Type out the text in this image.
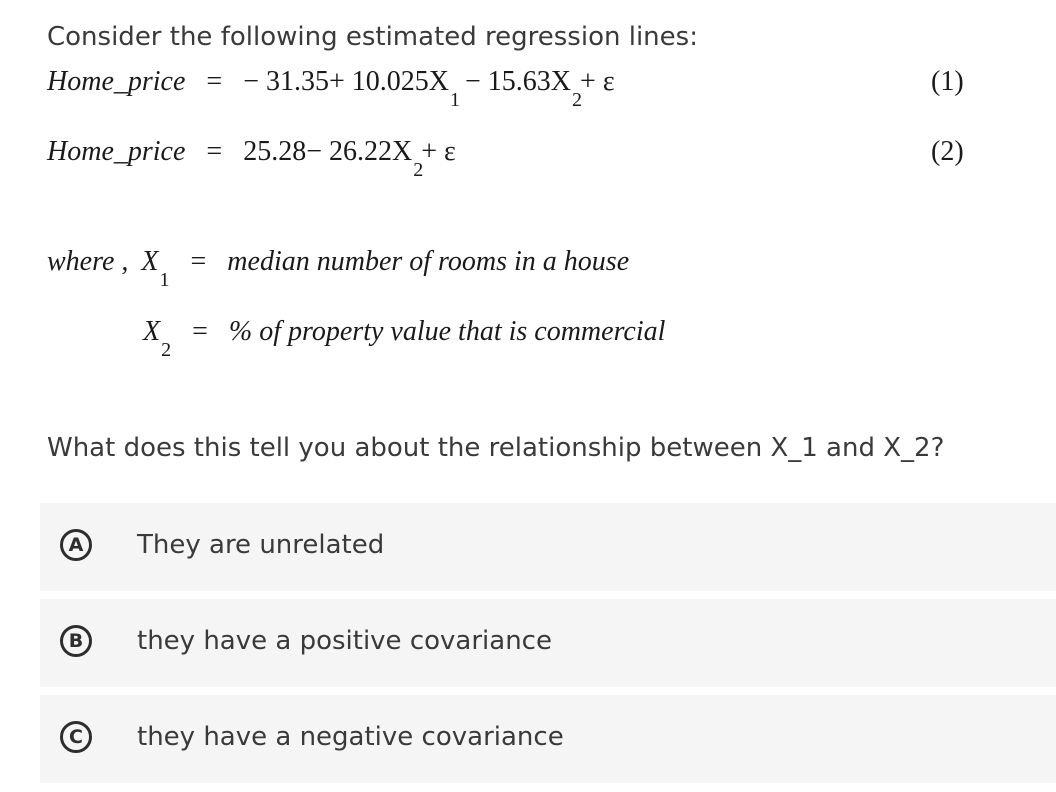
Consider the following estimated regression lines:
Home_price = − $31.35+ 10.025X_1 - 15.63X_2+ \varepsilon$	(1)
Home_price = $25.28- 26.22X_2+ \varepsilon$	(2)
where , $X_1$ = median number of rooms in a house
$X_2$ = % of property value that is commercial
What does this tell you about the relationship between X_1 and X_2?
A	They are unrelated
B	they have a positive covariance
C	they have a negative covariance
